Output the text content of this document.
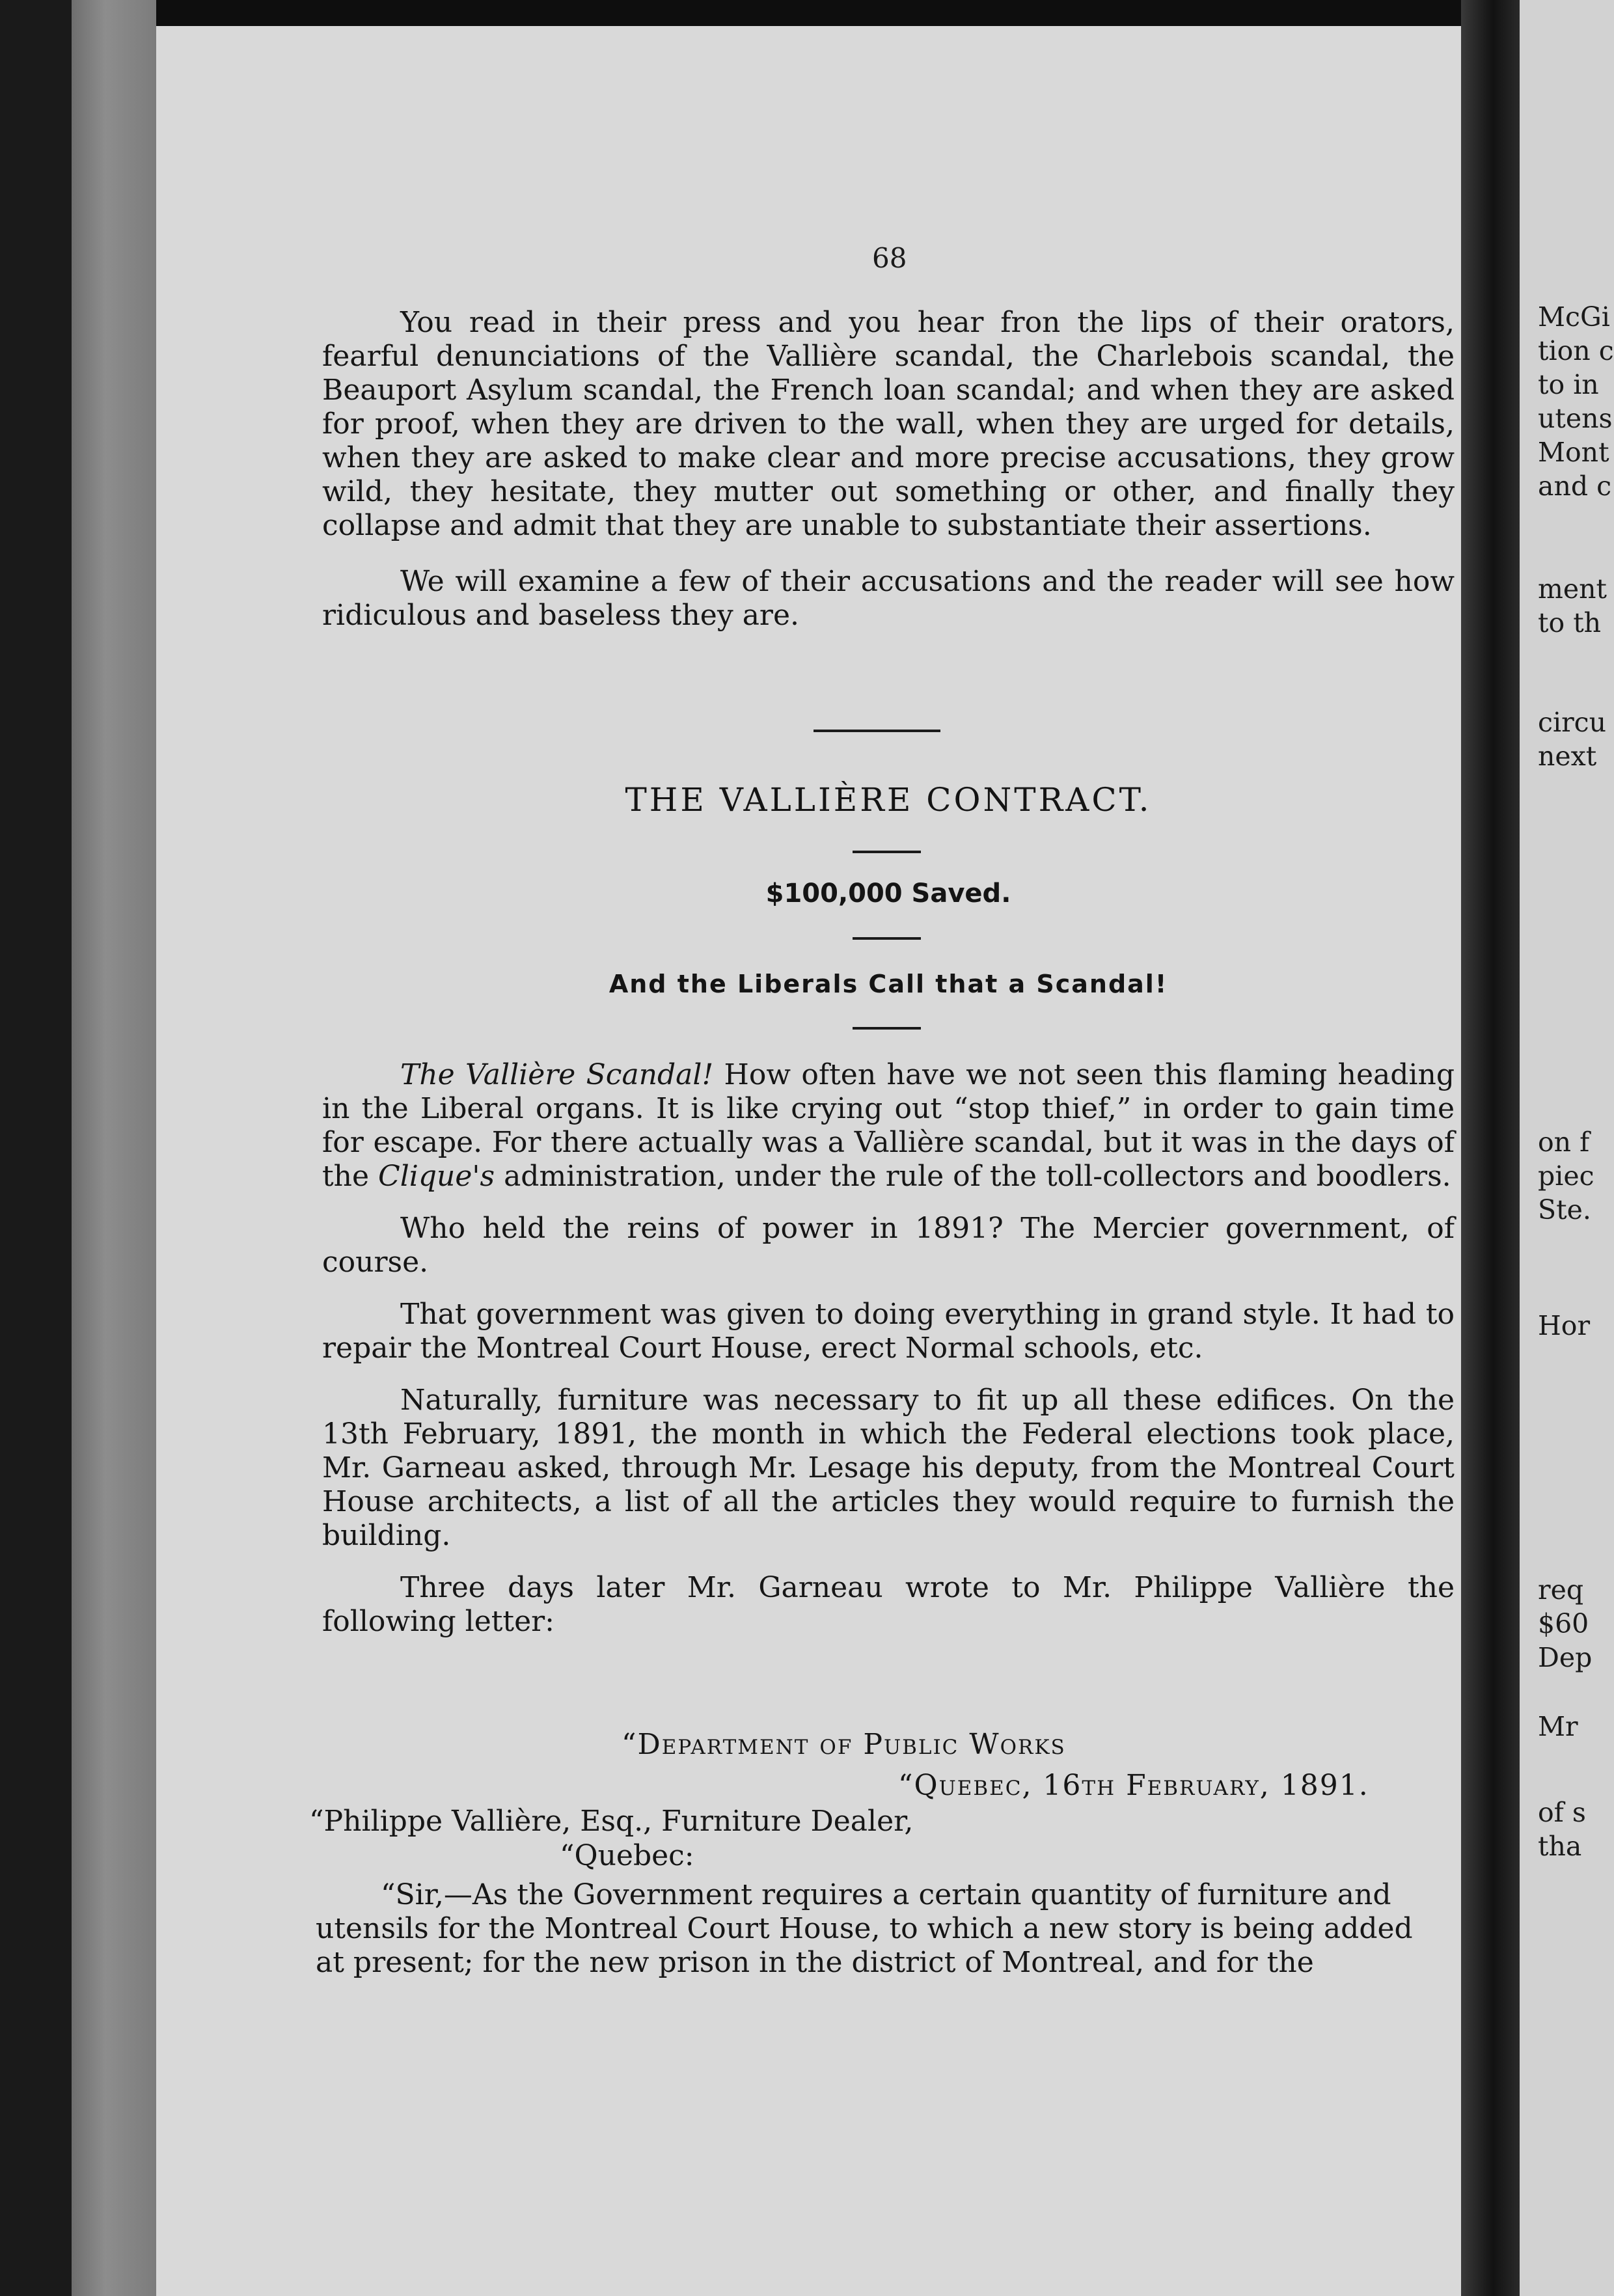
McGi
tion c
to in
utens
Mont
and c
ment
to th
circu
next
on f
piec
Ste.
Hor
req
$60
Dep
Mr
of s
tha
68

You read in their press and you hear fron the lips of their orators, fearful denunciations of the Vallière scandal, the Charlebois scandal, the Beauport Asylum scandal, the French loan scandal; and when they are asked for proof, when they are driven to the wall, when they are urged for details, when they are asked to make clear and more precise accusations, they grow wild, they hesitate, they mutter out something or other, and finally they collapse and admit that they are unable to substantiate their assertions.

We will examine a few of their accusations and the reader will see how ridiculous and baseless they are.

THE VALLIÈRE CONTRACT.
$100,000 Saved.
And the Liberals Call that a Scandal!

The Vallière Scandal! How often have we not seen this flaming heading in the Liberal organs. It is like crying out “stop thief,” in order to gain time for escape. For there actually was a Vallière scandal, but it was in the days of the Clique's administration, under the rule of the toll-collectors and boodlers.

Who held the reins of power in 1891? The Mercier government, of course.

That government was given to doing everything in grand style. It had to repair the Montreal Court House, erect Normal schools, etc.

Naturally, furniture was necessary to fit up all these edifices. On the 13th February, 1891, the month in which the Federal elections took place, Mr. Garneau asked, through Mr. Lesage his deputy, from the Montreal Court House architects, a list of all the articles they would require to furnish the building.

Three days later Mr. Garneau wrote to Mr. Philippe Vallière the following letter:

“Department of Public Works
“Quebec, 16th February, 1891.
“Philippe Vallière, Esq., Furniture Dealer,
“Quebec:
“Sir,—As the Government requires a certain quantity of furniture and
utensils for the Montreal Court House, to which a new story is being added
at present; for the new prison in the district of Montreal, and for the
